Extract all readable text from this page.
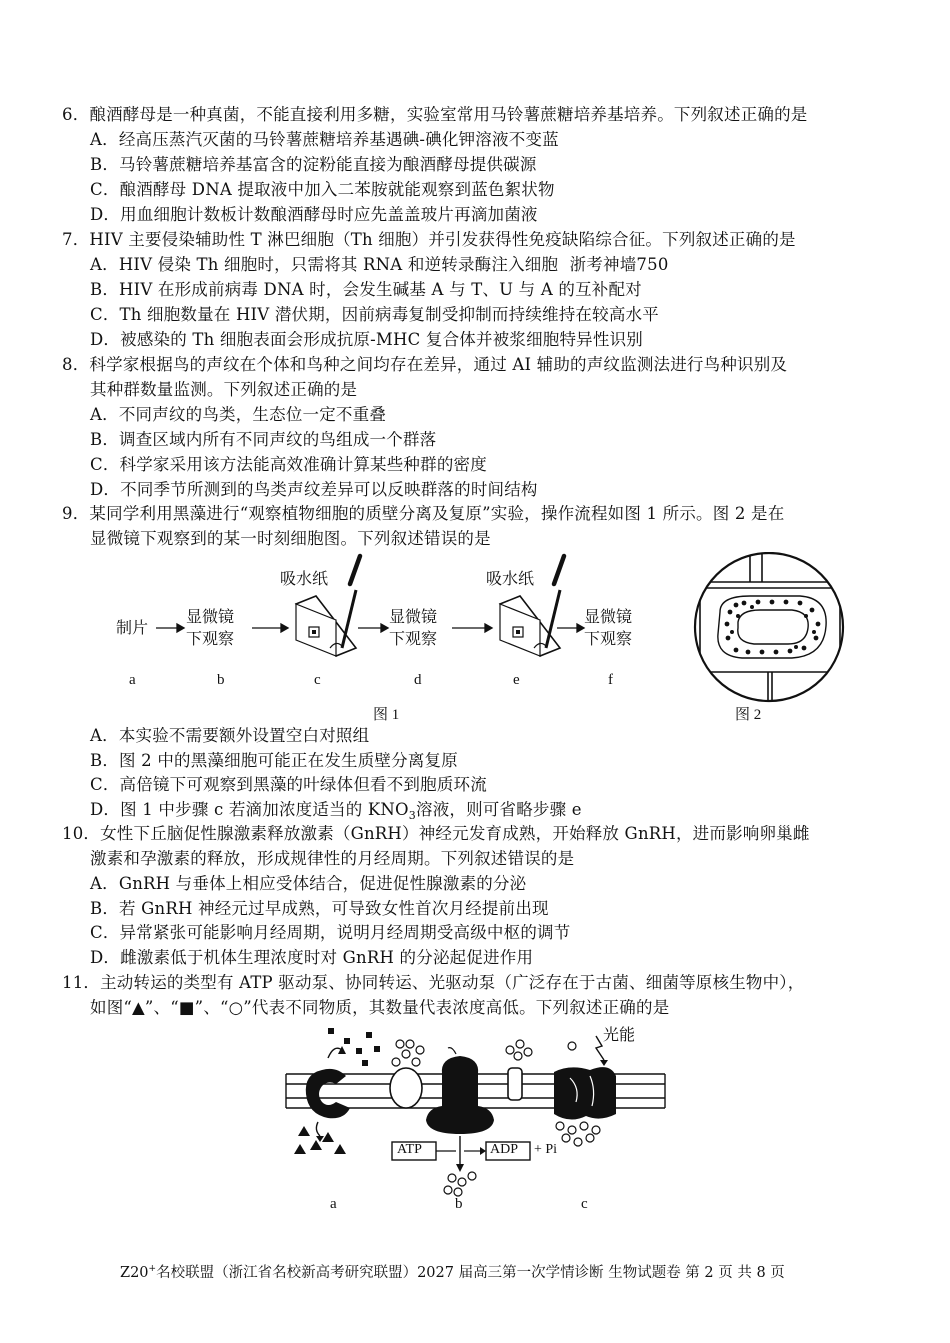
6．酿酒酵母是一种真菌，不能直接利用多糖，实验室常用马铃薯蔗糖培养基培养。下列叙述正确的是
A．经高压蒸汽灭菌的马铃薯蔗糖培养基遇碘-碘化钾溶液不变蓝
B．马铃薯蔗糖培养基富含的淀粉能直接为酿酒酵母提供碳源
C．酿酒酵母 DNA 提取液中加入二苯胺就能观察到蓝色絮状物
D．用血细胞计数板计数酿酒酵母时应先盖盖玻片再滴加菌液
7．HIV 主要侵染辅助性 T 淋巴细胞（Th 细胞）并引发获得性免疫缺陷综合征。下列叙述正确的是
A．HIV 侵染 Th 细胞时，只需将其 RNA 和逆转录酶注入细胞 浙考神墙750
B．HIV 在形成前病毒 DNA 时，会发生碱基 A 与 T、U 与 A 的互补配对
C．Th 细胞数量在 HIV 潜伏期，因前病毒复制受抑制而持续维持在较高水平
D．被感染的 Th 细胞表面会形成抗原-MHC 复合体并被浆细胞特异性识别
8．科学家根据鸟的声纹在个体和鸟种之间均存在差异，通过 AI 辅助的声纹监测法进行鸟种识别及
其种群数量监测。下列叙述正确的是
A．不同声纹的鸟类，生态位一定不重叠
B．调查区域内所有不同声纹的鸟组成一个群落
C．科学家采用该方法能高效准确计算某些种群的密度
D．不同季节所测到的鸟类声纹差异可以反映群落的时间结构
9．某同学利用黑藻进行“观察植物细胞的质壁分离及复原”实验，操作流程如图 1 所示。图 2 是在
显微镜下观察到的某一时刻细胞图。下列叙述错误的是
制片
显微镜
下观察
吸水纸
显微镜
下观察
吸水纸
显微镜
下观察
a	b	c	d	e	f
图 1	图 2
A．本实验不需要额外设置空白对照组
B．图 2 中的黑藻细胞可能正在发生质壁分离复原
C．高倍镜下可观察到黑藻的叶绿体但看不到胞质环流
D．图 1 中步骤 c 若滴加浓度适当的 $KNO_3$溶液，则可省略步骤 e
10．女性下丘脑促性腺激素释放激素（GnRH）神经元发育成熟，开始释放 GnRH，进而影响卵巢雌
激素和孕激素的释放，形成规律性的月经周期。下列叙述错误的是
A．GnRH 与垂体上相应受体结合，促进促性腺激素的分泌
B．若 GnRH 神经元过早成熟，可导致女性首次月经提前出现
C．异常紧张可能影响月经周期，说明月经周期受高级中枢的调节
D．雌激素低于机体生理浓度时对 GnRH 的分泌起促进作用
11．主动转运的类型有 ATP 驱动泵、协同转运、光驱动泵（广泛存在于古菌、细菌等原核生物中），
如图“▲”、“■”、“○”代表不同物质，其数量代表浓度高低。下列叙述正确的是
光能
ATP	ADP + Pi
a	b	c
Z20+名校联盟（浙江省名校新高考研究联盟）2027 届高三第一次学情诊断 生物试题卷 第 2 页 共 8 页
